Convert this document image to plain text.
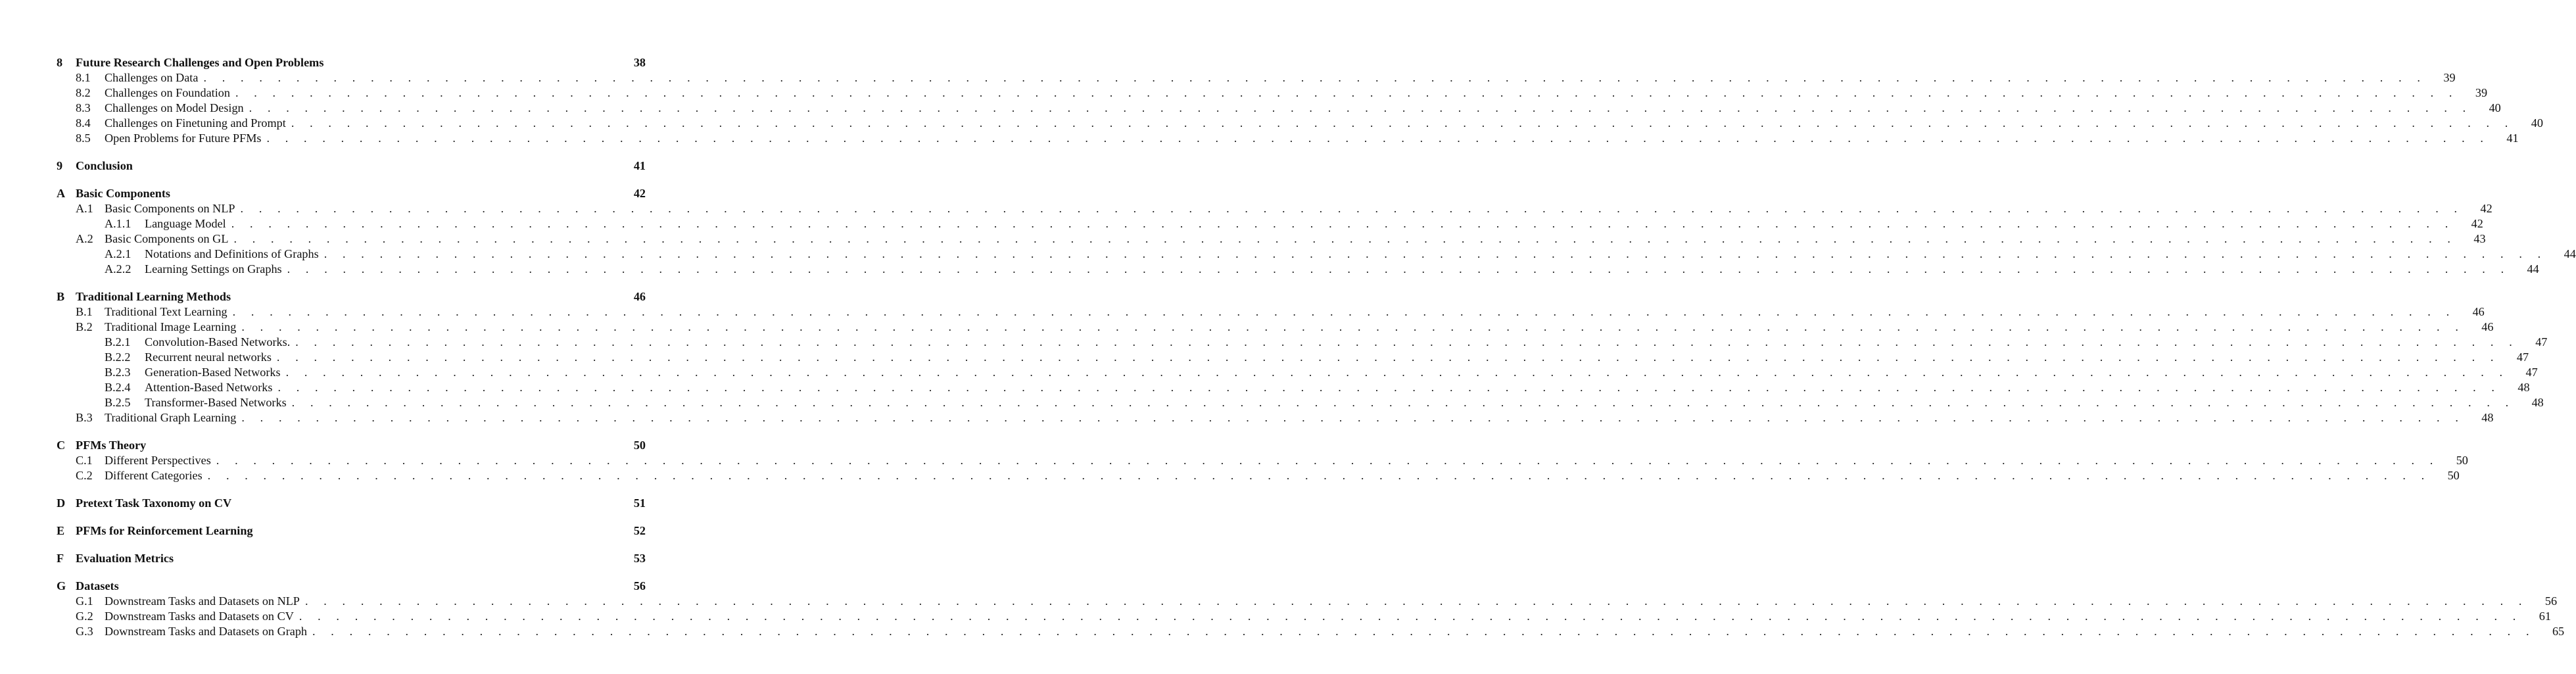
8	Future Research Challenges and Open Problems	38
8.1	Challenges on Data . . . . . . . . . . . . . . . . . . . . . . . . . . . . . . . . . . . . . . . . . . . . . . . . . . . . . . . . . . . . . . . . . . . . . . . . . . . . . . . . . . . . . . . . . . . . . . . . . . . . . . . . . . . . . . . . . . . . . . . .	39
8.2	Challenges on Foundation . . . . . . . . . . . . . . . . . . . . . . . . . . . . . . . . . . . . . . . . . . . . . . . . . . . . . . . . . . . . . . . . . . . . . . . . . . . . . . . . . . . . . . . . . . . . . . . . . . . . . . . . . . . . . . . . . . . . . . . .	39
8.3	Challenges on Model Design . . . . . . . . . . . . . . . . . . . . . . . . . . . . . . . . . . . . . . . . . . . . . . . . . . . . . . . . . . . . . . . . . . . . . . . . . . . . . . . . . . . . . . . . . . . . . . . . . . . . . . . . . . . . . . . . . . . . . . . .	40
8.4	Challenges on Finetuning and Prompt . . . . . . . . . . . . . . . . . . . . . . . . . . . . . . . . . . . . . . . . . . . . . . . . . . . . . . . . . . . . . . . . . . . . . . . . . . . . . . . . . . . . . . . . . . . . . . . . . . . . . . . . . . . . . . . . . . . . . . . .	40
8.5	Open Problems for Future PFMs . . . . . . . . . . . . . . . . . . . . . . . . . . . . . . . . . . . . . . . . . . . . . . . . . . . . . . . . . . . . . . . . . . . . . . . . . . . . . . . . . . . . . . . . . . . . . . . . . . . . . . . . . . . . . . . . . . . . . . . .	41
9	Conclusion	41
A Basic Components	42
A.1 Basic Components on NLP . . . . . . . . . . . . . . . . . . . . . . . . . . . . . . . . . . . . . . . . . . . . . . . . . . . . . . . . . . . . . . . . . . . . . . . . . . . . . . . . . . . . . . . . . . . . . . . . . . . . . . . . . . . . . . . . . . . . . . . .	42
A.1.1	Language Model . . . . . . . . . . . . . . . . . . . . . . . . . . . . . . . . . . . . . . . . . . . . . . . . . . . . . . . . . . . . . . . . . . . . . . . . . . . . . . . . . . . . . . . . . . . . . . . . . . . . . . . . . . . . . . . . . . . . . . . .	42
A.2 Basic Components on GL . . . . . . . . . . . . . . . . . . . . . . . . . . . . . . . . . . . . . . . . . . . . . . . . . . . . . . . . . . . . . . . . . . . . . . . . . . . . . . . . . . . . . . . . . . . . . . . . . . . . . . . . . . . . . . . . . . . . . . . .	43
A.2.1	Notations and Definitions of Graphs . . . . . . . . . . . . . . . . . . . . . . . . . . . . . . . . . . . . . . . . . . . . . . . . . . . . . . . . . . . . . . . . . . . . . . . . . . . . . . . . . . . . . . . . . . . . . . . . . . . . . . . . . . . . . . . . . . . . . . . .	44
A.2.2	Learning Settings on Graphs . . . . . . . . . . . . . . . . . . . . . . . . . . . . . . . . . . . . . . . . . . . . . . . . . . . . . . . . . . . . . . . . . . . . . . . . . . . . . . . . . . . . . . . . . . . . . . . . . . . . . . . . . . . . . . . . . . . . . . . .	44
B Traditional Learning Methods	46
B.1	Traditional Text Learning . . . . . . . . . . . . . . . . . . . . . . . . . . . . . . . . . . . . . . . . . . . . . . . . . . . . . . . . . . . . . . . . . . . . . . . . . . . . . . . . . . . . . . . . . . . . . . . . . . . . . . . . . . . . . . . . . . . . . . . .	46
B.2	Traditional Image Learning . . . . . . . . . . . . . . . . . . . . . . . . . . . . . . . . . . . . . . . . . . . . . . . . . . . . . . . . . . . . . . . . . . . . . . . . . . . . . . . . . . . . . . . . . . . . . . . . . . . . . . . . . . . . . . . . . . . . . . . .	46
B.2.1	Convolution-Based Networks. . . . . . . . . . . . . . . . . . . . . . . . . . . . . . . . . . . . . . . . . . . . . . . . . . . . . . . . . . . . . . . . . . . . . . . . . . . . . . . . . . . . . . . . . . . . . . . . . . . . . . . . . . . . . . . . . . . . . . . . .	47
B.2.2	Recurrent neural networks . . . . . . . . . . . . . . . . . . . . . . . . . . . . . . . . . . . . . . . . . . . . . . . . . . . . . . . . . . . . . . . . . . . . . . . . . . . . . . . . . . . . . . . . . . . . . . . . . . . . . . . . . . . . . . . . . . . . . . . .	47
B.2.3	Generation-Based Networks . . . . . . . . . . . . . . . . . . . . . . . . . . . . . . . . . . . . . . . . . . . . . . . . . . . . . . . . . . . . . . . . . . . . . . . . . . . . . . . . . . . . . . . . . . . . . . . . . . . . . . . . . . . . . . . . . . . . . . . .	47
B.2.4	Attention-Based Networks . . . . . . . . . . . . . . . . . . . . . . . . . . . . . . . . . . . . . . . . . . . . . . . . . . . . . . . . . . . . . . . . . . . . . . . . . . . . . . . . . . . . . . . . . . . . . . . . . . . . . . . . . . . . . . . . . . . . . . . .	48
B.2.5	Transformer-Based Networks . . . . . . . . . . . . . . . . . . . . . . . . . . . . . . . . . . . . . . . . . . . . . . . . . . . . . . . . . . . . . . . . . . . . . . . . . . . . . . . . . . . . . . . . . . . . . . . . . . . . . . . . . . . . . . . . . . . . . . . .	48
B.3	Traditional Graph Learning . . . . . . . . . . . . . . . . . . . . . . . . . . . . . . . . . . . . . . . . . . . . . . . . . . . . . . . . . . . . . . . . . . . . . . . . . . . . . . . . . . . . . . . . . . . . . . . . . . . . . . . . . . . . . . . . . . . . . . . .	48
C PFMs Theory	50
C.1	Different Perspectives . . . . . . . . . . . . . . . . . . . . . . . . . . . . . . . . . . . . . . . . . . . . . . . . . . . . . . . . . . . . . . . . . . . . . . . . . . . . . . . . . . . . . . . . . . . . . . . . . . . . . . . . . . . . . . . . . . . . . . . .	50
C.2	Different Categories . . . . . . . . . . . . . . . . . . . . . . . . . . . . . . . . . . . . . . . . . . . . . . . . . . . . . . . . . . . . . . . . . . . . . . . . . . . . . . . . . . . . . . . . . . . . . . . . . . . . . . . . . . . . . . . . . . . . . . . .	50
D Pretext Task Taxonomy on CV	51
E PFMs for Reinforcement Learning	52
F Evaluation Metrics	53
G Datasets	56
G.1 Downstream Tasks and Datasets on NLP . . . . . . . . . . . . . . . . . . . . . . . . . . . . . . . . . . . . . . . . . . . . . . . . . . . . . . . . . . . . . . . . . . . . . . . . . . . . . . . . . . . . . . . . . . . . . . . . . . . . . . . . . . . . . . . . . . . . . . . .	56
G.2 Downstream Tasks and Datasets on CV . . . . . . . . . . . . . . . . . . . . . . . . . . . . . . . . . . . . . . . . . . . . . . . . . . . . . . . . . . . . . . . . . . . . . . . . . . . . . . . . . . . . . . . . . . . . . . . . . . . . . . . . . . . . . . . . . . . . . . . .	61
G.3 Downstream Tasks and Datasets on Graph . . . . . . . . . . . . . . . . . . . . . . . . . . . . . . . . . . . . . . . . . . . . . . . . . . . . . . . . . . . . . . . . . . . . . . . . . . . . . . . . . . . . . . . . . . . . . . . . . . . . . . . . . . . . . . . . . . . . . . . .	65
